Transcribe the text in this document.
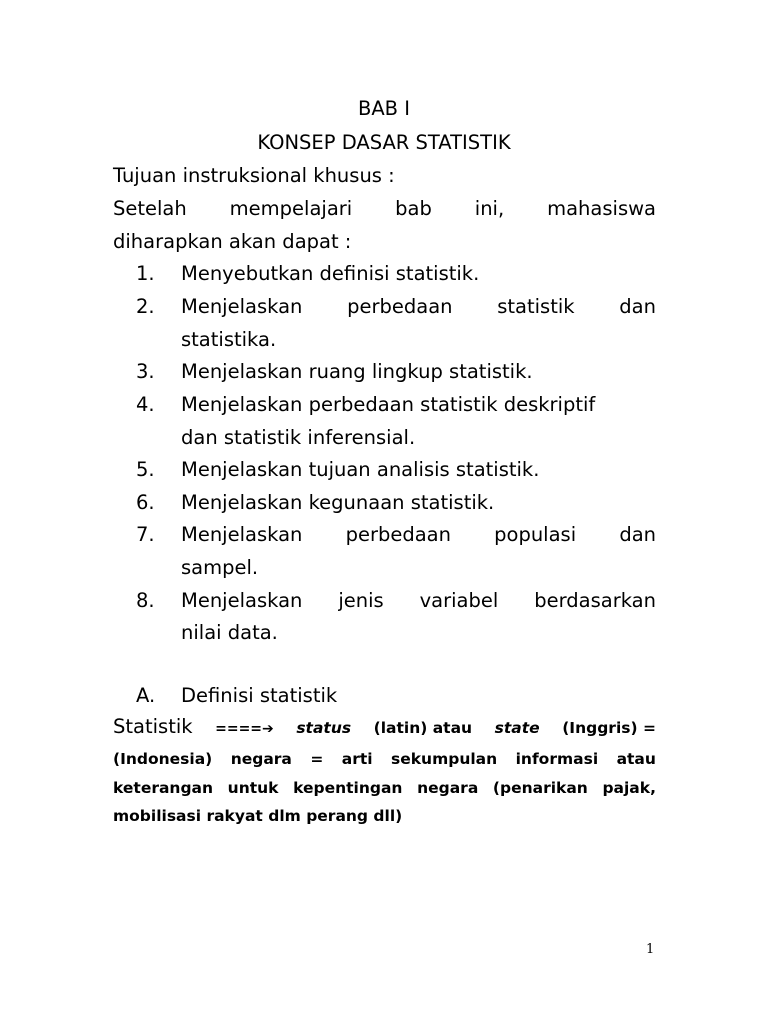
BAB I
KONSEP DASAR STATISTIK
Tujuan instruksional khusus :
Setelah mempelajari bab ini, mahasiswa
diharapkan akan dapat :
1.	Menyebutkan definisi statistik.
2.	Menjelaskan perbedaan statistik dan
statistika.
3.	Menjelaskan ruang lingkup statistik.
4.	Menjelaskan perbedaan statistik deskriptif
dan statistik inferensial.
5.	Menjelaskan tujuan analisis statistik.
6.	Menjelaskan kegunaan statistik.
7.	Menjelaskan perbedaan populasi dan
sampel.
8.	Menjelaskan jenis variabel berdasarkan
nilai data.
A.	Definisi statistik
Statistik ====➔ status (latin) atau state (Inggris) =
(Indonesia) negara = arti sekumpulan informasi atau
keterangan untuk kepentingan negara (penarikan pajak,
mobilisasi rakyat dlm perang dll)
1
